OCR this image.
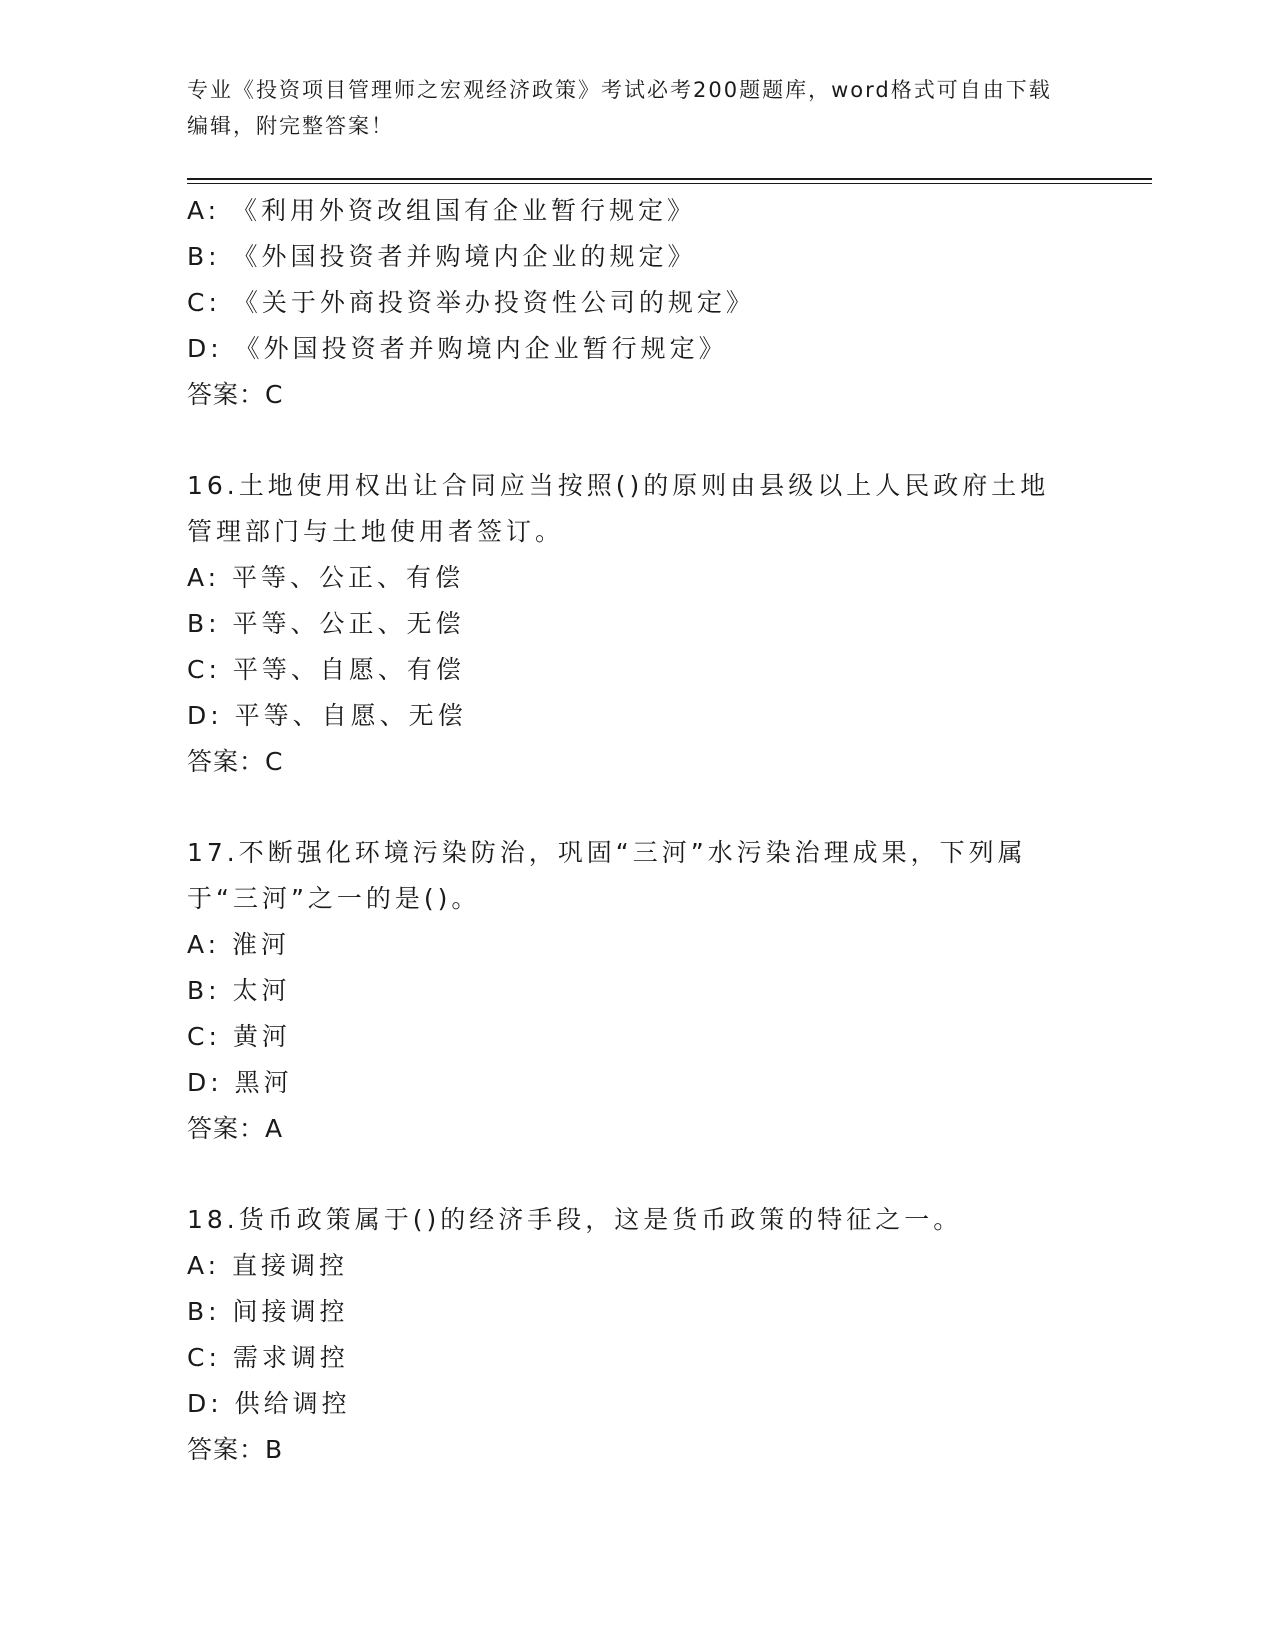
专业《投资项目管理师之宏观经济政策》考试必考200题题库，word格式可自由下载编辑，附完整答案！
A: 《利用外资改组国有企业暂行规定》
B: 《外国投资者并购境内企业的规定》
C: 《关于外商投资举办投资性公司的规定》
D: 《外国投资者并购境内企业暂行规定》
答案：C
16.土地使用权出让合同应当按照()的原则由县级以上人民政府土地管理部门与土地使用者签订。
A: 平等、公正、有偿
B: 平等、公正、无偿
C: 平等、自愿、有偿
D: 平等、自愿、无偿
答案：C
17.不断强化环境污染防治，巩固“三河”水污染治理成果，下列属于“三河”之一的是()。
A: 淮河
B: 太河
C: 黄河
D: 黑河
答案：A
18.货币政策属于()的经济手段，这是货币政策的特征之一。
A: 直接调控
B: 间接调控
C: 需求调控
D: 供给调控
答案：B
